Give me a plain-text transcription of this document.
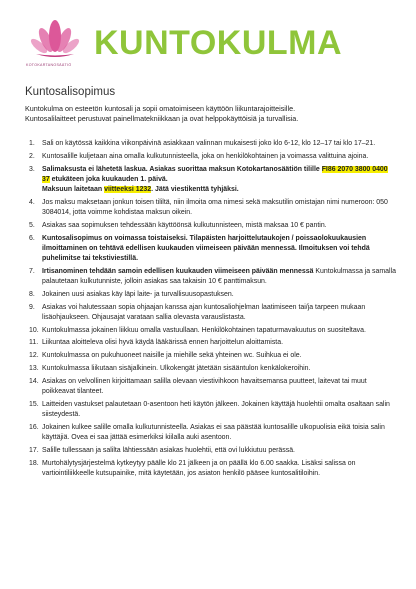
KOTOKARTANOSÄÄTIÖ
KUNTOKULMA
Kuntosalisopimus

Kuntokulma on esteetön kuntosali ja sopii omatoimiseen käyttöön liikuntarajoitteisille.

Kuntosalilaitteet perustuvat painellmatekniikkaan ja ovat helppokäyttöisiä ja turvallisia.

1. Sali on käytössä kaikkina viikonpäivinä asiakkaan valinnan mukaisesti joko klo 6-12, klo 12–17 tai klo 17–21.
2. Kuntosalille kuljetaan aina omalla kulkutunnisteella, joka on henkilökohtainen ja voimassa valittuina ajoina.
3. Salimaksusta ei lähetetä laskua. Asiakas suorittaa maksun Kotokartanosäätiön tilille FI86 2070 3800 0400 37 etukäteen joka kuukauden 1. päivä.
Maksuun laitetaan viitteeksi 1232. Jätä viestikenttä tyhjäksi.
4. Jos maksu maksetaan jonkun toisen tililtä, niin ilmoita oma nimesi sekä maksutilin omistajan nimi numeroon: 050 3084014, jotta voimme kohdistaa maksun oikein.
5. Asiakas saa sopimuksen tehdessään käyttöönsä kulkutunnisteen, mistä maksaa 10 € pantin.
6. Kuntosalisopimus on voimassa toistaiseksi. Tilapäisten harjoittelutaukojen / poissaolokuukausien ilmoittaminen on tehtävä edellisen kuukauden viimeiseen päivään mennessä. Ilmoituksen voi tehdä puhelimitse tai tekstiviestillä.
7. Irtisanominen tehdään samoin edellisen kuukauden viimeiseen päivään mennessä Kuntokulmassa ja samalla palautetaan kulkutunniste, jolloin asiakas saa takaisin 10 € panttimaksun.
8. Jokainen uusi asiakas käy läpi laite- ja turvallisuusopastuksen.
9. Asiakas voi halutessaan sopia ohjaajan kanssa ajan kuntosaliohjelman laatimiseen tai/ja tarpeen mukaan lisäohjaukseen. Ohjausajat varataan sallia olevasta varauslistasta.
10. Kuntokulmassa jokainen liikkuu omalla vastuullaan. Henkilökohtainen tapaturmavakuutus on suositeltava.
11. Liikuntaa aloitteleva olisi hyvä käydä lääkärissä ennen harjoittelun aloittamista.
12. Kuntokulmassa on pukuhuoneet naisille ja miehille sekä yhteinen wc. Suihkua ei ole.
13. Kuntokulmassa liikutaan sisäjalkinein. Ulkokengät jätetään sisääntulon kenkälokeroihin.
14. Asiakas on velvollinen kirjoittamaan salilla olevaan viestivihkoon havaitsemansa puutteet, laitevat tai muut poikkeavat tilanteet.
15. Laitteiden vastukset palautetaan 0-asentoon heti käytön jälkeen. Jokainen käyttäjä huolehtii omalta osaltaan salin siisteydestä.
16. Jokainen kulkee salille omalla kulkutunnisteella. Asiakas ei saa päästää kuntosalille ulkopuolisia eikä toisia salin käyttäjiä. Ovea ei saa jättää esimerkiksi kiilalla auki asentoon.
17. Salille tullessaan ja salilta lähtiessään asiakas huolehtii, että ovi lukkiutuu perässä.
18. Murtohälytysjärjestelmä kytkeytyy päälle klo 21 jälkeen ja on päällä klo 6.00 saakka. Lisäksi salissa on vartiointiliikkeelle kutsupainike, mitä käytetään, jos asiaton henkilö pääsee kuntosalitiloihin.
